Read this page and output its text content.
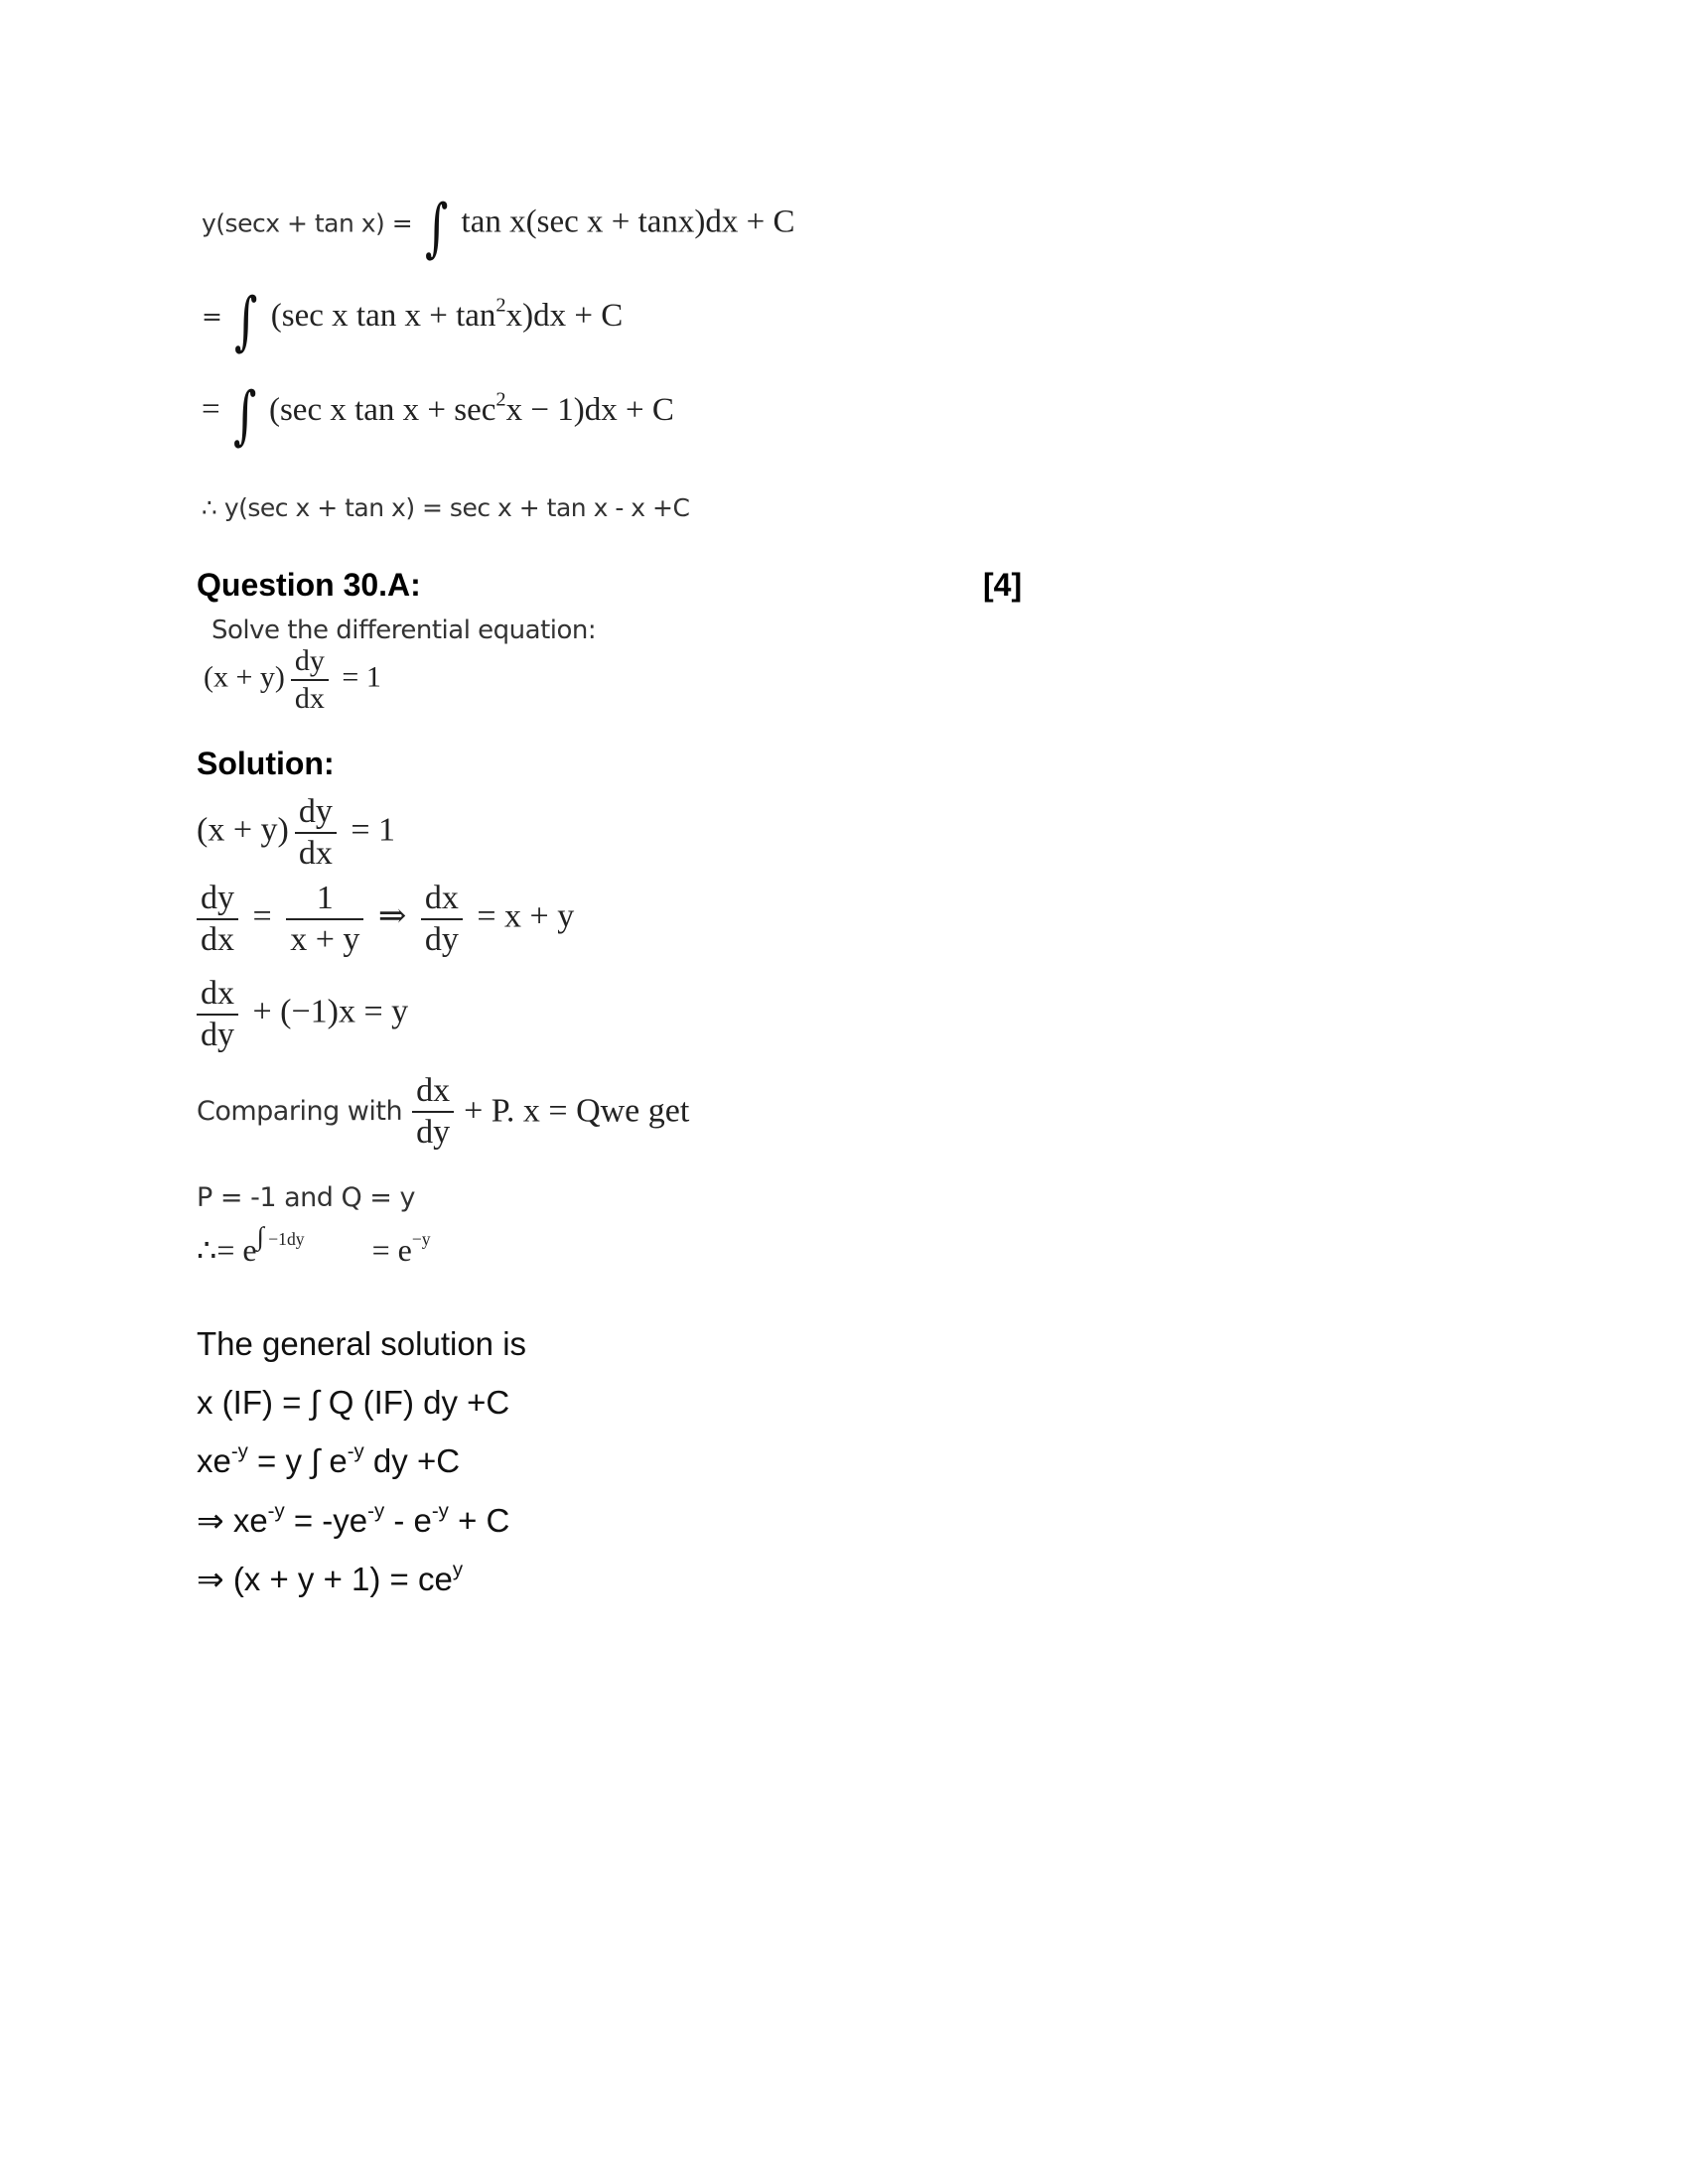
y(secx + tan x) = ∫ tan x(sec x + tanx)dx + C
= ∫ (sec x $\tan x + \tan^2x)dx + C$
= ∫ (sec x $\tan x + \sec^2x - 1)dx + C$
∴ y(sec x + tan x) = sec x + tan x - x +C
Question 30.A:	[4]
Solve the differential equation:
$(x + y) \frac{dy}{dx} = 1$
Solution:
$(x + y) \frac{dy}{dx} = 1$
$\frac{dy}{dx} = \frac{1}{x + y}$ ⇒ $\frac{dx}{dy} = x + y$
$\frac{dx}{dy} + (-1)x = y$
Comparing with $\frac{dx}{dy} + P$. x = Qwe get
P = -1 and Q = y
∴= $e^{\int -1dy} = e^{-y}$
The general solution is
x (IF) = ∫ Q (IF) dy +C
$xe^{-y} = y$ ∫ $e^{-y}$ dy +C
⇒ $xe^{-y} = -ye^{-y} - e^{-y} + C$
⇒ $(x + y + 1) = ce^y$
